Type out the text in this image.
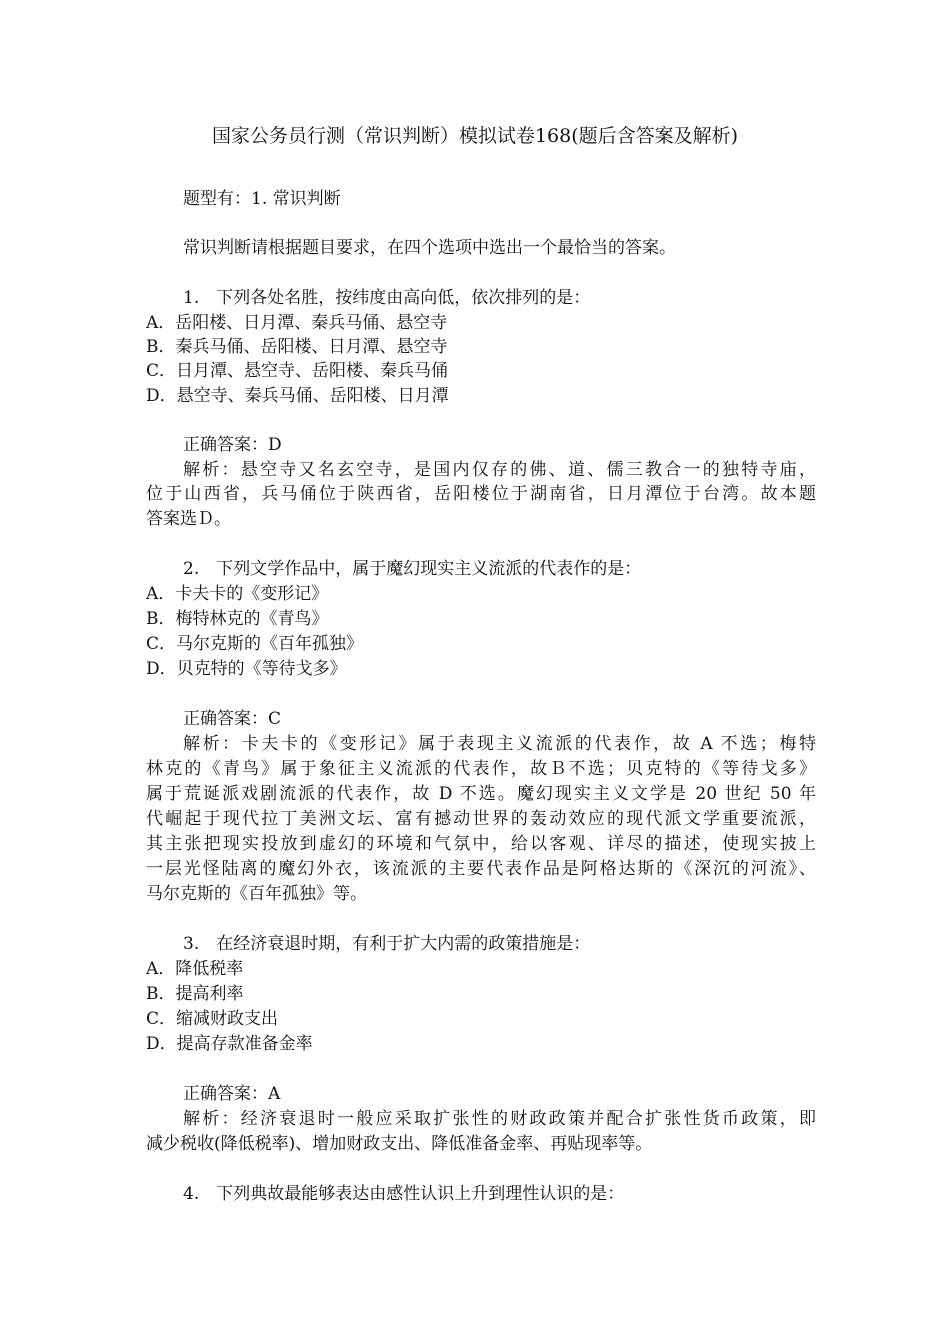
国家公务员行测（常识判断）模拟试卷168(题后含答案及解析)
题型有：1. 常识判断
常识判断请根据题目要求，在四个选项中选出一个最恰当的答案。
1.　下列各处名胜，按纬度由高向低，依次排列的是：
A．岳阳楼、日月潭、秦兵马俑、悬空寺
B．秦兵马俑、岳阳楼、日月潭、悬空寺
C．日月潭、悬空寺、岳阳楼、秦兵马俑
D．悬空寺、秦兵马俑、岳阳楼、日月潭
正确答案：D
解析：悬空寺又名玄空寺，是国内仅存的佛、道、儒三教合一的独特寺庙，
位于山西省，兵马俑位于陕西省，岳阳楼位于湖南省，日月潭位于台湾。故本题
答案选Ｄ。
2.　下列文学作品中，属于魔幻现实主义流派的代表作的是：
A．卡夫卡的《变形记》
B．梅特林克的《青鸟》
C．马尔克斯的《百年孤独》
D．贝克特的《等待戈多》
正确答案：C
解析：卡夫卡的《变形记》属于表现主义流派的代表作，故 A 不选；梅特
林克的《青鸟》属于象征主义流派的代表作，故Ｂ不选；贝克特的《等待戈多》
属于荒诞派戏剧流派的代表作，故 D 不选。魔幻现实主义文学是 20 世纪 50 年
代崛起于现代拉丁美洲文坛、富有撼动世界的轰动效应的现代派文学重要流派，
其主张把现实投放到虚幻的环境和气氛中，给以客观、详尽的描述，使现实披上
一层光怪陆离的魔幻外衣，该流派的主要代表作品是阿格达斯的《深沉的河流》、
马尔克斯的《百年孤独》等。
3.　在经济衰退时期，有利于扩大内需的政策措施是：
A．降低税率
B．提高利率
C．缩减财政支出
D．提高存款准备金率
正确答案：A
解析：经济衰退时一般应采取扩张性的财政政策并配合扩张性货币政策，即
减少税收(降低税率)、增加财政支出、降低准备金率、再贴现率等。
4.　下列典故最能够表达由感性认识上升到理性认识的是：
